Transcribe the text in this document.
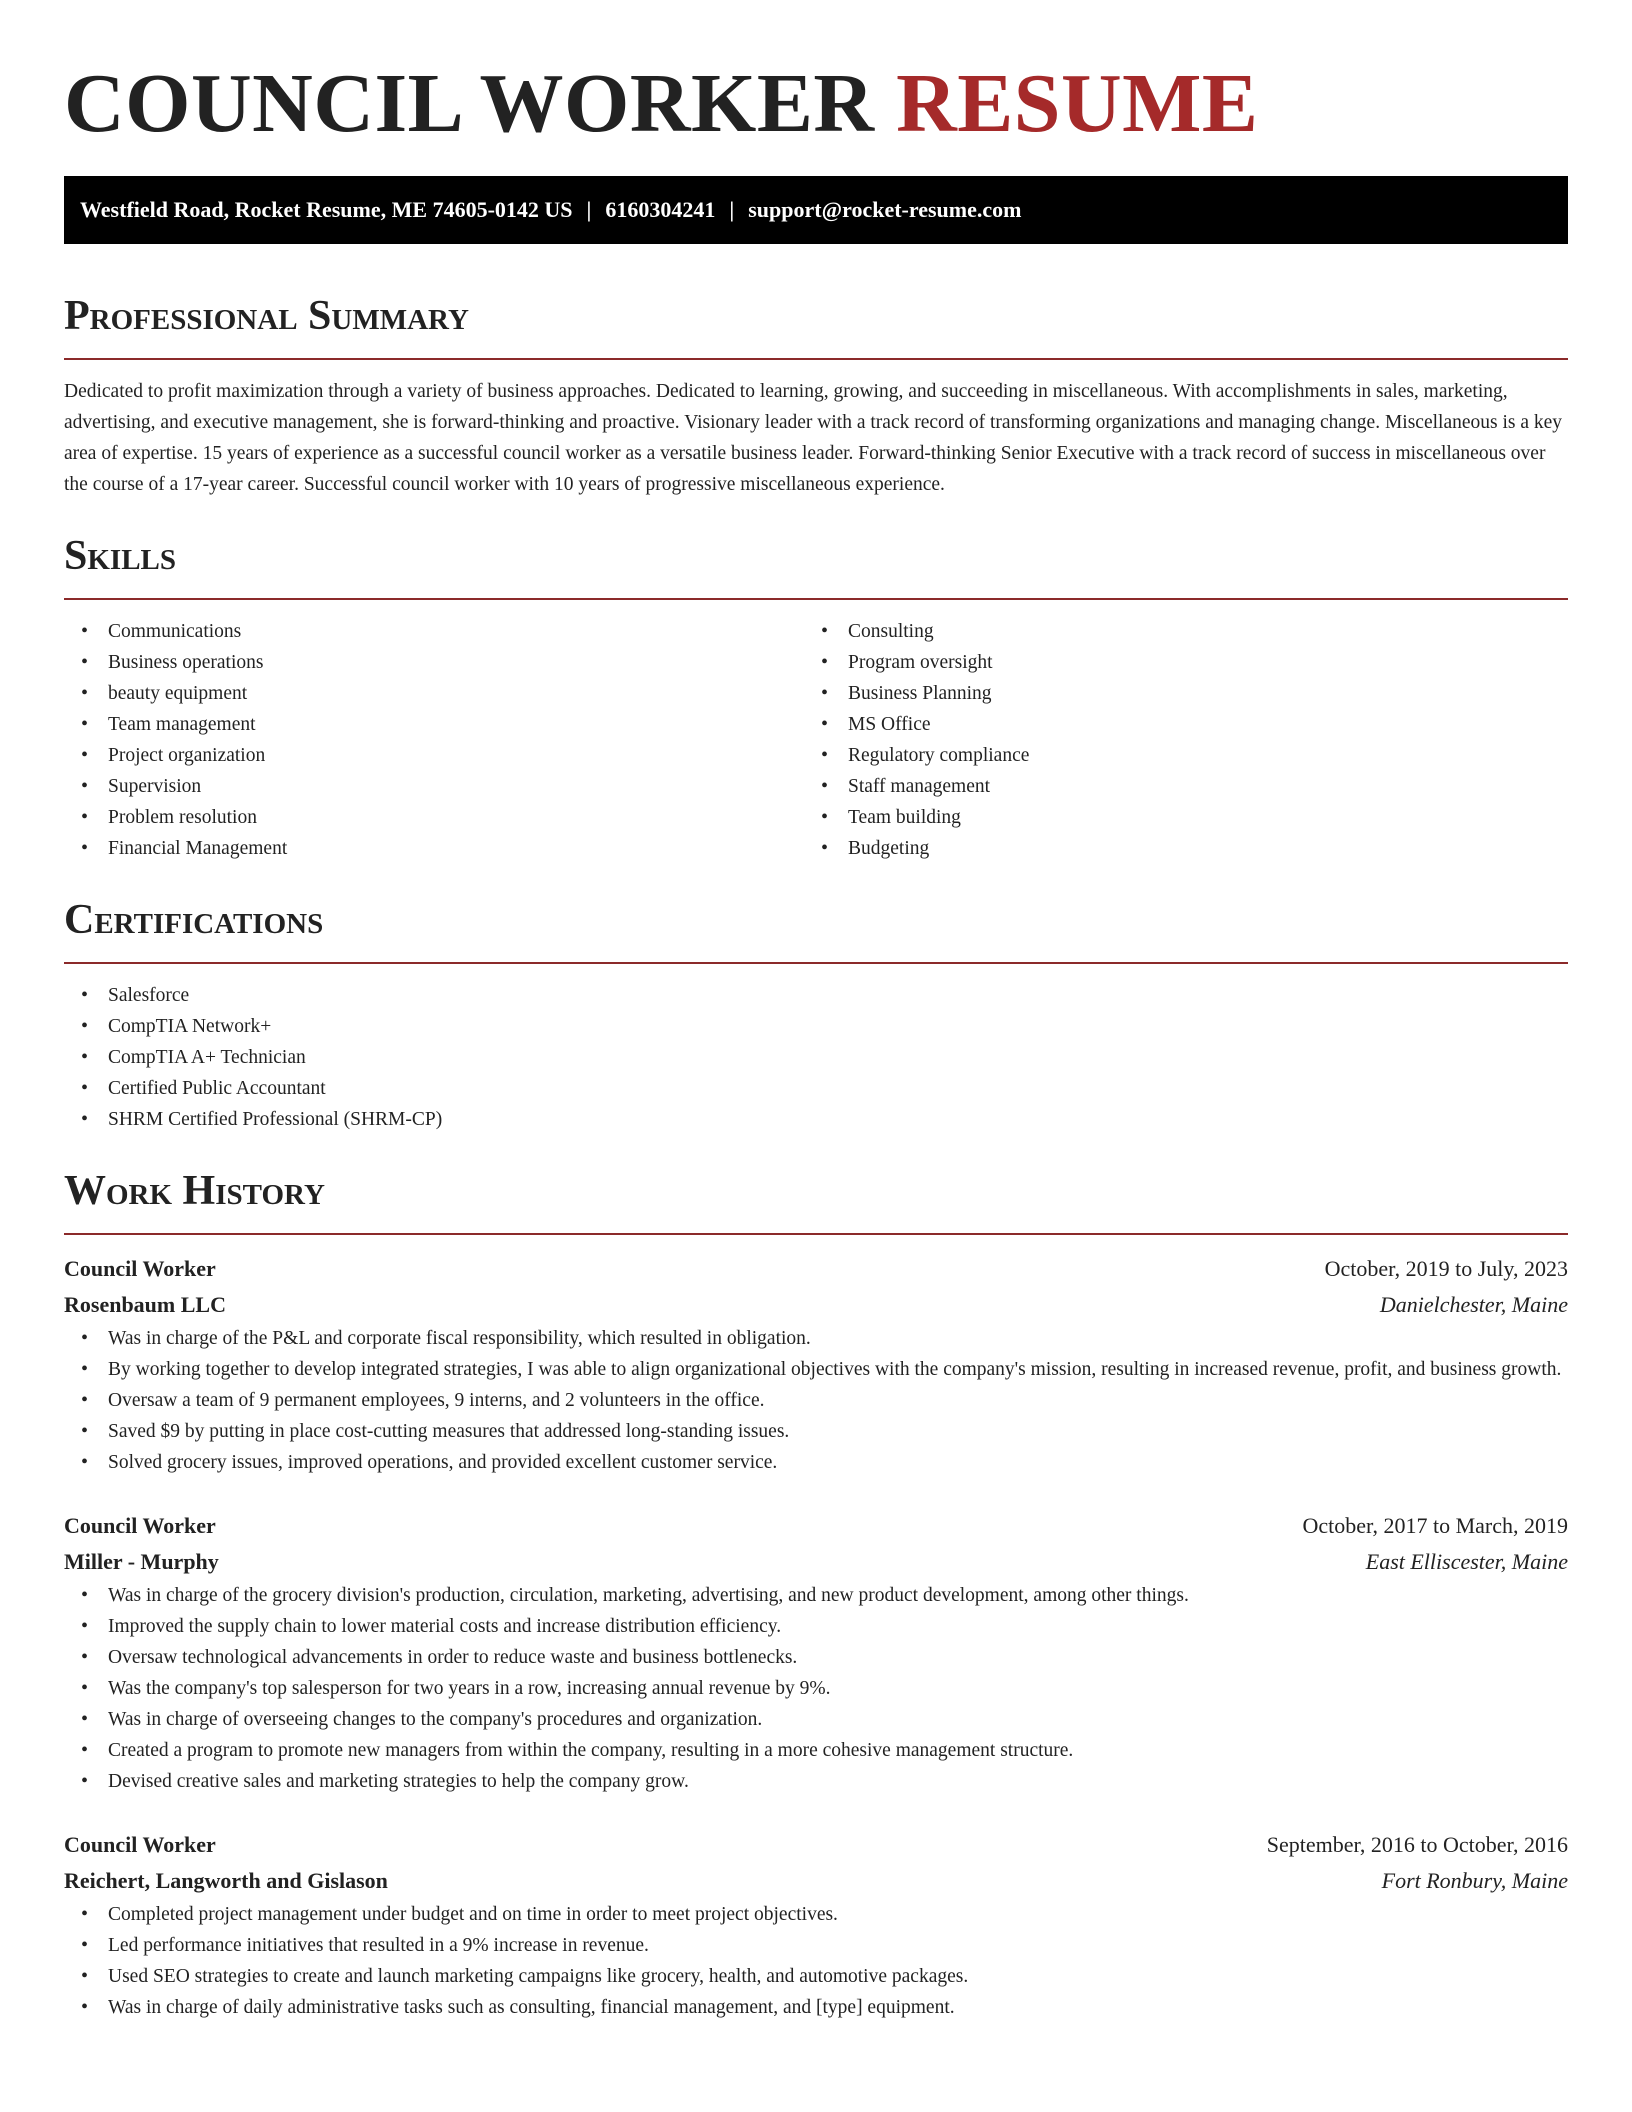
COUNCIL WORKER RESUME
Westfield Road, Rocket Resume, ME 74605-0142 US | 6160304241 | support@rocket-resume.com
Professional Summary

Dedicated to profit maximization through a variety of business approaches. Dedicated to learning, growing, and succeeding in miscellaneous. With accomplishments in sales, marketing, advertising, and executive management, she is forward-thinking and proactive. Visionary leader with a track record of transforming organizations and managing change. Miscellaneous is a key area of expertise. 15 years of experience as a successful council worker as a versatile business leader. Forward-thinking Senior Executive with a track record of success in miscellaneous over the course of a 17-year career. Successful council worker with 10 years of progressive miscellaneous experience.

Skills
• Communications
• Business operations
• beauty equipment
• Team management
• Project organization
• Supervision
• Problem resolution
• Financial Management
• Consulting
• Program oversight
• Business Planning
• MS Office
• Regulatory compliance
• Staff management
• Team building
• Budgeting
Certifications
• Salesforce
• CompTIA Network+
• CompTIA A+ Technician
• Certified Public Accountant
• SHRM Certified Professional (SHRM-CP)
Work History
Council Worker	October, 2019 to July, 2023
Rosenbaum LLC	Danielchester, Maine
• Was in charge of the P&L and corporate fiscal responsibility, which resulted in obligation.
• By working together to develop integrated strategies, I was able to align organizational objectives with the company's mission, resulting in increased revenue, profit, and business growth.
• Oversaw a team of 9 permanent employees, 9 interns, and 2 volunteers in the office.
• Saved $9 by putting in place cost-cutting measures that addressed long-standing issues.
• Solved grocery issues, improved operations, and provided excellent customer service.
Council Worker	October, 2017 to March, 2019
Miller - Murphy	East Elliscester, Maine
• Was in charge of the grocery division's production, circulation, marketing, advertising, and new product development, among other things.
• Improved the supply chain to lower material costs and increase distribution efficiency.
• Oversaw technological advancements in order to reduce waste and business bottlenecks.
• Was the company's top salesperson for two years in a row, increasing annual revenue by 9%.
• Was in charge of overseeing changes to the company's procedures and organization.
• Created a program to promote new managers from within the company, resulting in a more cohesive management structure.
• Devised creative sales and marketing strategies to help the company grow.
Council Worker	September, 2016 to October, 2016
Reichert, Langworth and Gislason	Fort Ronbury, Maine
• Completed project management under budget and on time in order to meet project objectives.
• Led performance initiatives that resulted in a 9% increase in revenue.
• Used SEO strategies to create and launch marketing campaigns like grocery, health, and automotive packages.
• Was in charge of daily administrative tasks such as consulting, financial management, and [type] equipment.
